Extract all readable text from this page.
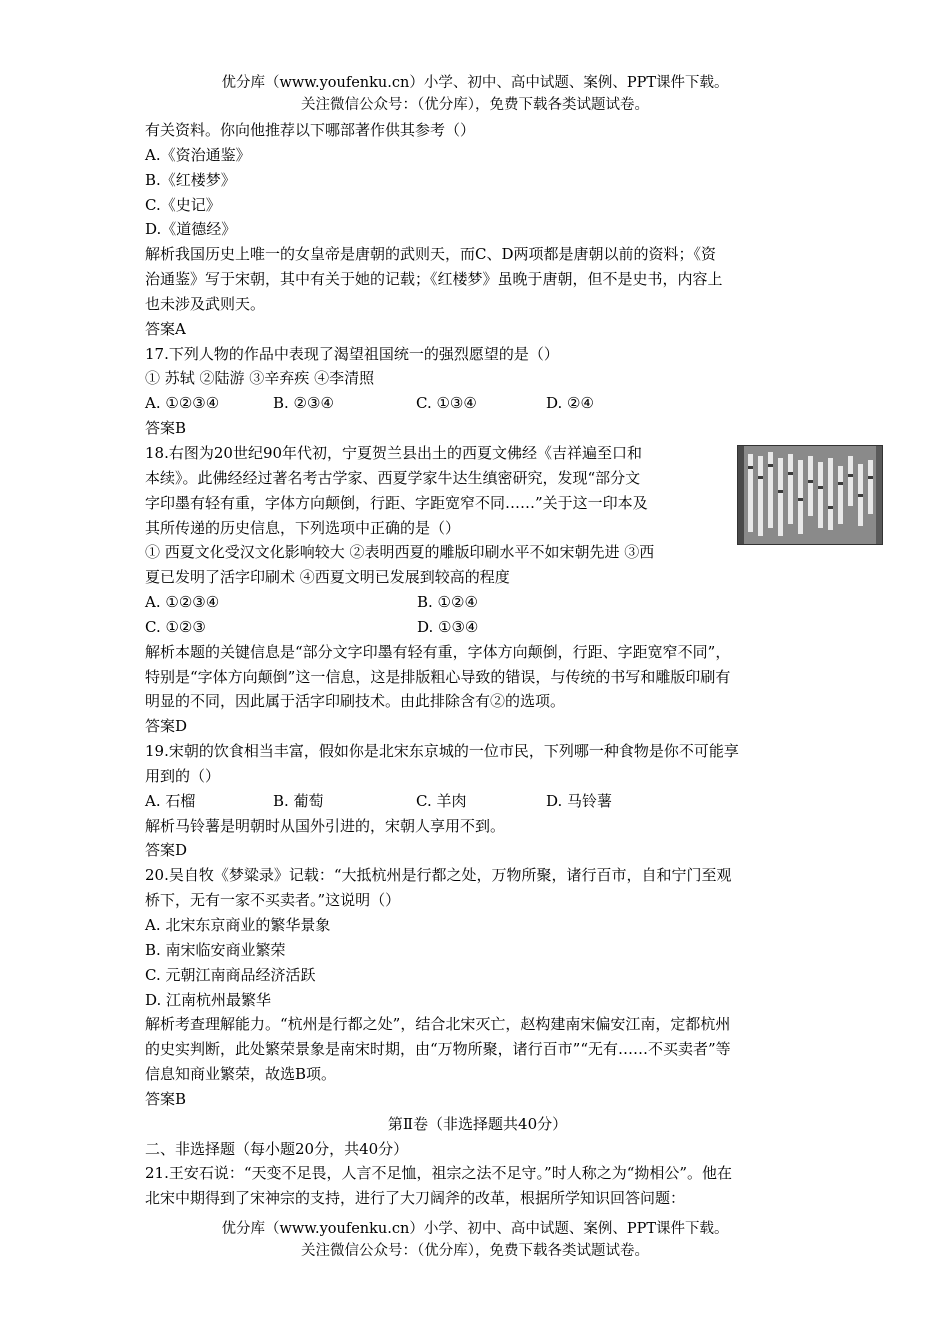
优分库（www.youfenku.cn）小学、初中、高中试题、案例、PPT课件下载。
关注微信公众号：（优分库），免费下载各类试题试卷。
有关资料。你向他推荐以下哪部著作供其参考（）
A.《资治通鉴》
B.《红楼梦》
C.《史记》
D.《道德经》
解析我国历史上唯一的女皇帝是唐朝的武则天，而C、D两项都是唐朝以前的资料；《资
治通鉴》写于宋朝，其中有关于她的记载；《红楼梦》虽晚于唐朝，但不是史书，内容上
也未涉及武则天。
答案A
17.下列人物的作品中表现了渴望祖国统一的强烈愿望的是（）
① 苏轼 ②陆游 ③辛弃疾 ④李清照
A. ①②③④	B. ②③④	C. ①③④	D. ②④
答案B
18.右图为20世纪90年代初，宁夏贺兰县出土的西夏文佛经《吉祥遍至口和
本续》。此佛经经过著名考古学家、西夏学家牛达生缜密研究，发现“部分文
字印墨有轻有重，字体方向颠倒，行距、字距宽窄不同……”关于这一印本及
其所传递的历史信息，下列选项中正确的是（）
① 西夏文化受汉文化影响较大 ②表明西夏的雕版印刷水平不如宋朝先进 ③西
夏已发明了活字印刷术 ④西夏文明已发展到较高的程度
A. ①②③④	B. ①②④
C. ①②③	D. ①③④
解析本题的关键信息是“部分文字印墨有轻有重，字体方向颠倒，行距、字距宽窄不同”，
特别是“字体方向颠倒”这一信息，这是排版粗心导致的错误，与传统的书写和雕版印刷有
明显的不同，因此属于活字印刷技术。由此排除含有②的选项。
答案D
19.宋朝的饮食相当丰富，假如你是北宋东京城的一位市民，下列哪一种食物是你不可能享
用到的（）
A. 石榴	B. 葡萄	C. 羊肉	D. 马铃薯
解析马铃薯是明朝时从国外引进的，宋朝人享用不到。
答案D
20.吴自牧《梦粱录》记载：“大抵杭州是行都之处，万物所聚，诸行百市，自和宁门至观
桥下，无有一家不买卖者。”这说明（）
A. 北宋东京商业的繁华景象
B. 南宋临安商业繁荣
C. 元朝江南商品经济活跃
D. 江南杭州最繁华
解析考查理解能力。“杭州是行都之处”，结合北宋灭亡，赵构建南宋偏安江南，定都杭州
的史实判断，此处繁荣景象是南宋时期，由“万物所聚，诸行百市”“无有……不买卖者”等
信息知商业繁荣，故选B项。
答案B
第Ⅱ卷（非选择题共40分）
二、非选择题（每小题20分，共40分）
21.王安石说：“天变不足畏，人言不足恤，祖宗之法不足守。”时人称之为“拗相公”。他在
北宋中期得到了宋神宗的支持，进行了大刀阔斧的改革，根据所学知识回答问题：
优分库（www.youfenku.cn）小学、初中、高中试题、案例、PPT课件下载。
关注微信公众号：（优分库），免费下载各类试题试卷。
